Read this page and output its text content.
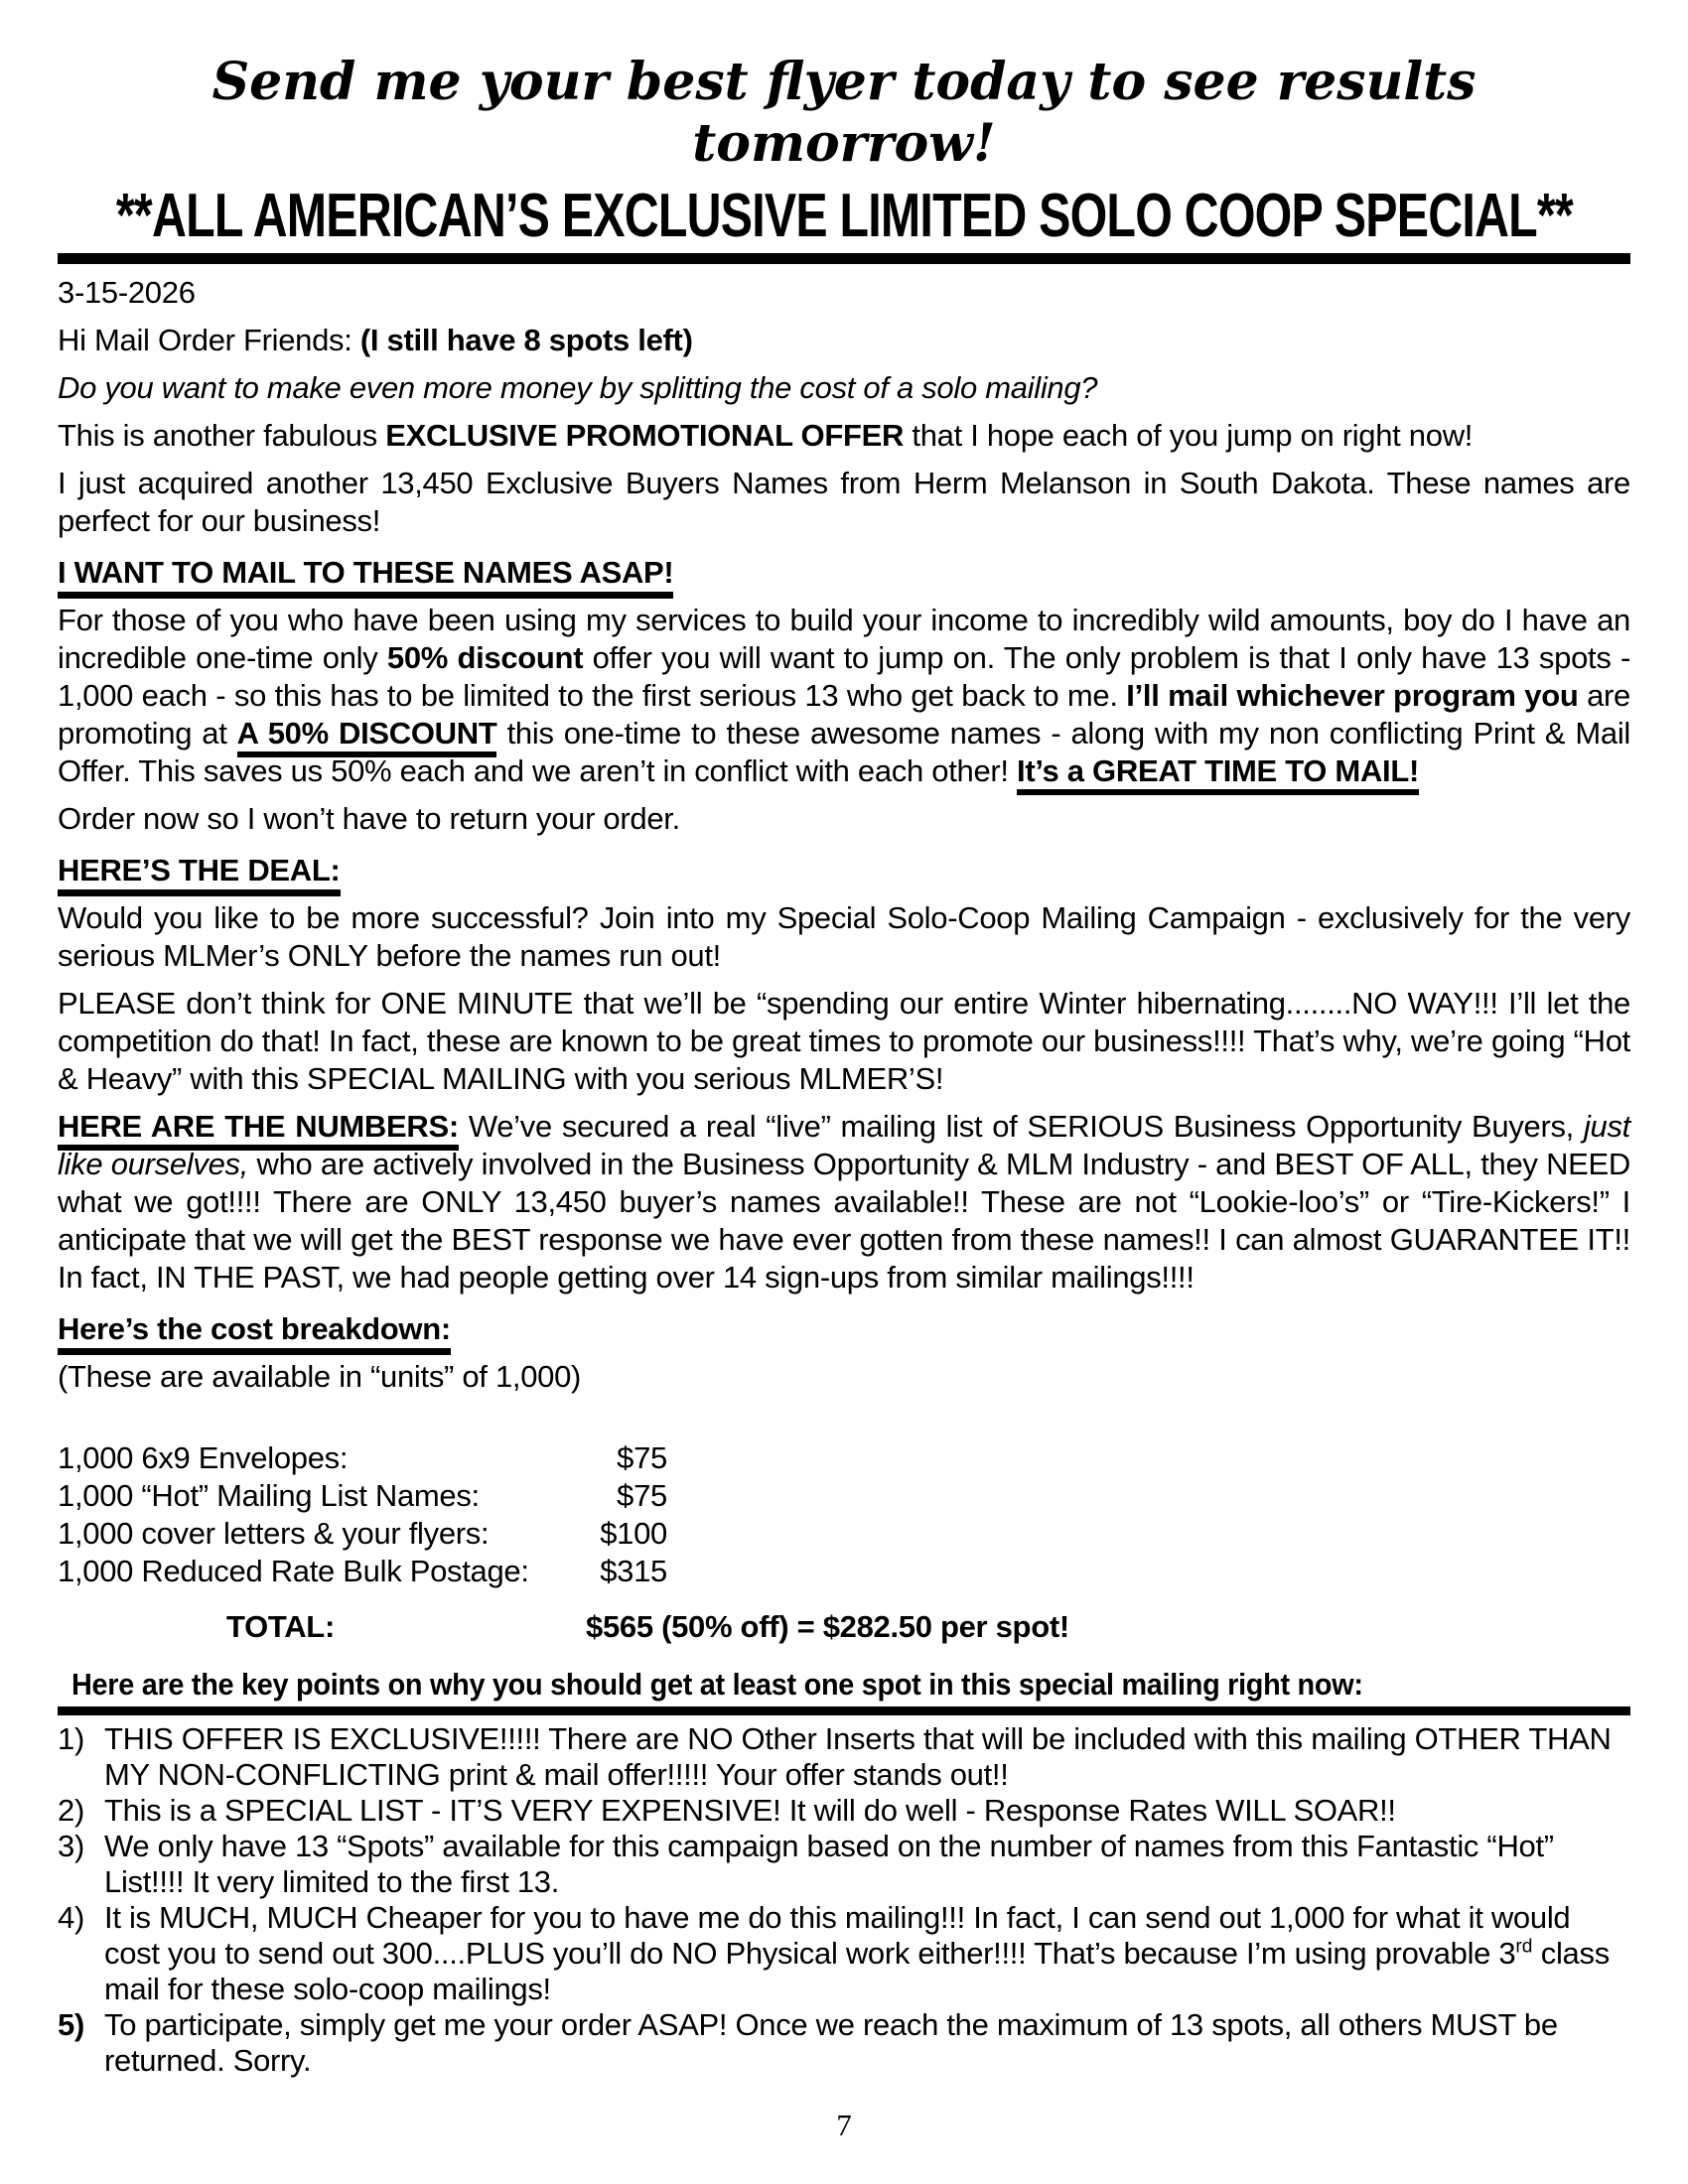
Send me your best flyer today to see results tomorrow!

**ALL AMERICAN’S EXCLUSIVE LIMITED SOLO COOP SPECIAL**

3-15-2026

Hi Mail Order Friends: (I still have 8 spots left)

Do you want to make even more money by splitting the cost of a solo mailing?

This is another fabulous EXCLUSIVE PROMOTIONAL OFFER that I hope each of you jump on right now!

I just acquired another 13,450 Exclusive Buyers Names from Herm Melanson in South Dakota. These names are perfect for our business!

I WANT TO MAIL TO THESE NAMES ASAP!

For those of you who have been using my services to build your income to incredibly wild amounts, boy do I have an incredible one-time only 50% discount offer you will want to jump on. The only problem is that I only have 13 spots - 1,000 each - so this has to be limited to the first serious 13 who get back to me. I’ll mail whichever program you are promoting at A 50% DISCOUNT this one-time to these awesome names - along with my non conflicting Print & Mail Offer. This saves us 50% each and we aren’t in conflict with each other! It’s a GREAT TIME TO MAIL!

Order now so I won’t have to return your order.

HERE’S THE DEAL:

Would you like to be more successful? Join into my Special Solo-Coop Mailing Campaign - exclusively for the very serious MLMer’s ONLY before the names run out!

PLEASE don’t think for ONE MINUTE that we’ll be “spending our entire Winter hibernating........NO WAY!!! I’ll let the competition do that! In fact, these are known to be great times to promote our business!!!! That’s why, we’re going “Hot & Heavy” with this SPECIAL MAILING with you serious MLMER’S!

HERE ARE THE NUMBERS: We’ve secured a real “live” mailing list of SERIOUS Business Opportunity Buyers, just like ourselves, who are actively involved in the Business Opportunity & MLM Industry - and BEST OF ALL, they NEED what we got!!!! There are ONLY 13,450 buyer’s names available!! These are not “Lookie-loo’s” or “Tire-Kickers!” I anticipate that we will get the BEST response we have ever gotten from these names!! I can almost GUARANTEE IT!! In fact, IN THE PAST, we had people getting over 14 sign-ups from similar mailings!!!!

Here’s the cost breakdown:

(These are available in “units” of 1,000)

1,000 6x9 Envelopes:	$75
1,000 “Hot” Mailing List Names:	$75
1,000 cover letters & your flyers:	$100
1,000 Reduced Rate Bulk Postage:	$315
TOTAL:	$565 (50% off) = $282.50 per spot!
Here are the key points on why you should get at least one spot in this special mailing right now:
1) THIS OFFER IS EXCLUSIVE!!!!! There are NO Other Inserts that will be included with this mailing OTHER THAN MY NON-CONFLICTING print & mail offer!!!!! Your offer stands out!!
2) This is a SPECIAL LIST - IT’S VERY EXPENSIVE! It will do well - Response Rates WILL SOAR!!
3) We only have 13 “Spots” available for this campaign based on the number of names from this Fantastic “Hot” List!!!! It very limited to the first 13.
4) It is MUCH, MUCH Cheaper for you to have me do this mailing!!! In fact, I can send out 1,000 for what it would cost you to send out 300....PLUS you’ll do NO Physical work either!!!! That’s because I’m using provable 3rd class mail for these solo-coop mailings!
5) To participate, simply get me your order ASAP! Once we reach the maximum of 13 spots, all others MUST be returned. Sorry.
7
